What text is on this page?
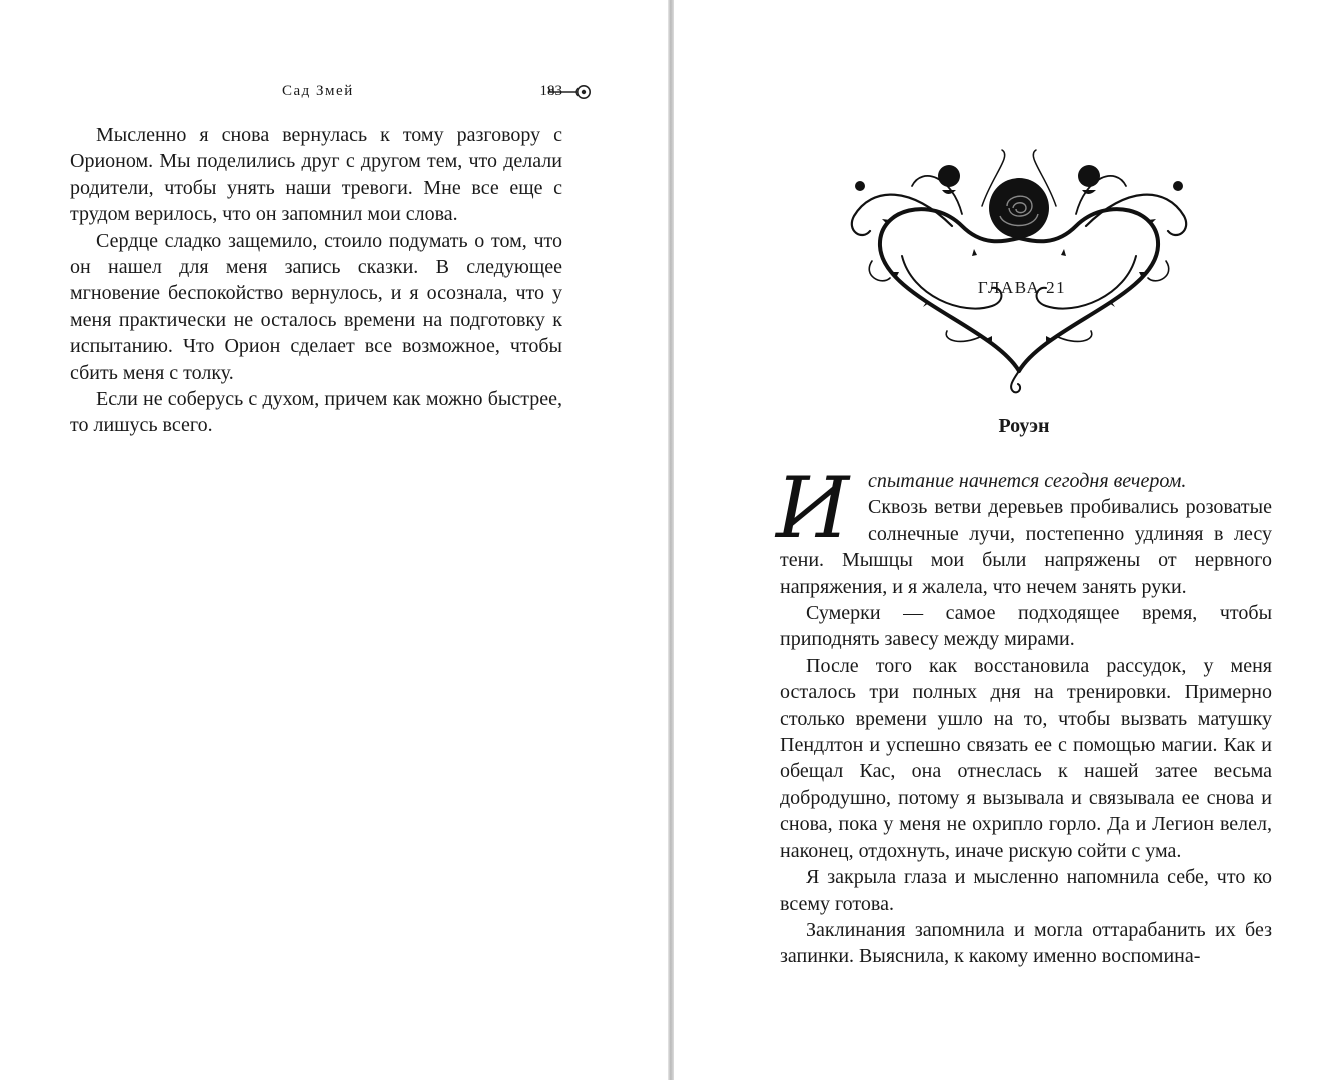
Сад Змей	183

Мысленно я снова вернулась к тому разговору с Орионом. Мы поделились друг с другом тем, что делали родители, чтобы унять наши тревоги. Мне все еще с трудом верилось, что он запомнил мои слова.

Сердце сладко защемило, стоило подумать о том, что он нашел для меня запись сказки. В следующее мгновение беспокойство вернулось, и я осознала, что у меня практически не осталось времени на подготовку к испытанию. Что Орион сделает все возможное, чтобы сбить меня с толку.

Если не соберусь с духом, причем как можно быстрее, то лишусь всего.

ГЛАВА 21
Роуэн

Испытание начнется сегодня вечером.
Сквозь ветви деревьев пробивались розоватые солнечные лучи, постепенно удлиняя в лесу тени. Мышцы мои были напряжены от нервного напряжения, и я жалела, что нечем занять руки.

Сумерки — самое подходящее время, чтобы приподнять завесу между мирами.

После того как восстановила рассудок, у меня осталось три полных дня на тренировки. Примерно столько времени ушло на то, чтобы вызвать матушку Пендлтон и успешно связать ее с помощью магии. Как и обещал Кас, она отнеслась к нашей затее весьма добродушно, потому я вызывала и связывала ее снова и снова, пока у меня не охрипло горло. Да и Легион велел, наконец, отдохнуть, иначе рискую сойти с ума.

Я закрыла глаза и мысленно напомнила себе, что ко всему готова.

Заклинания запомнила и могла оттарабанить их без запинки. Выяснила, к какому именно воспомина-
